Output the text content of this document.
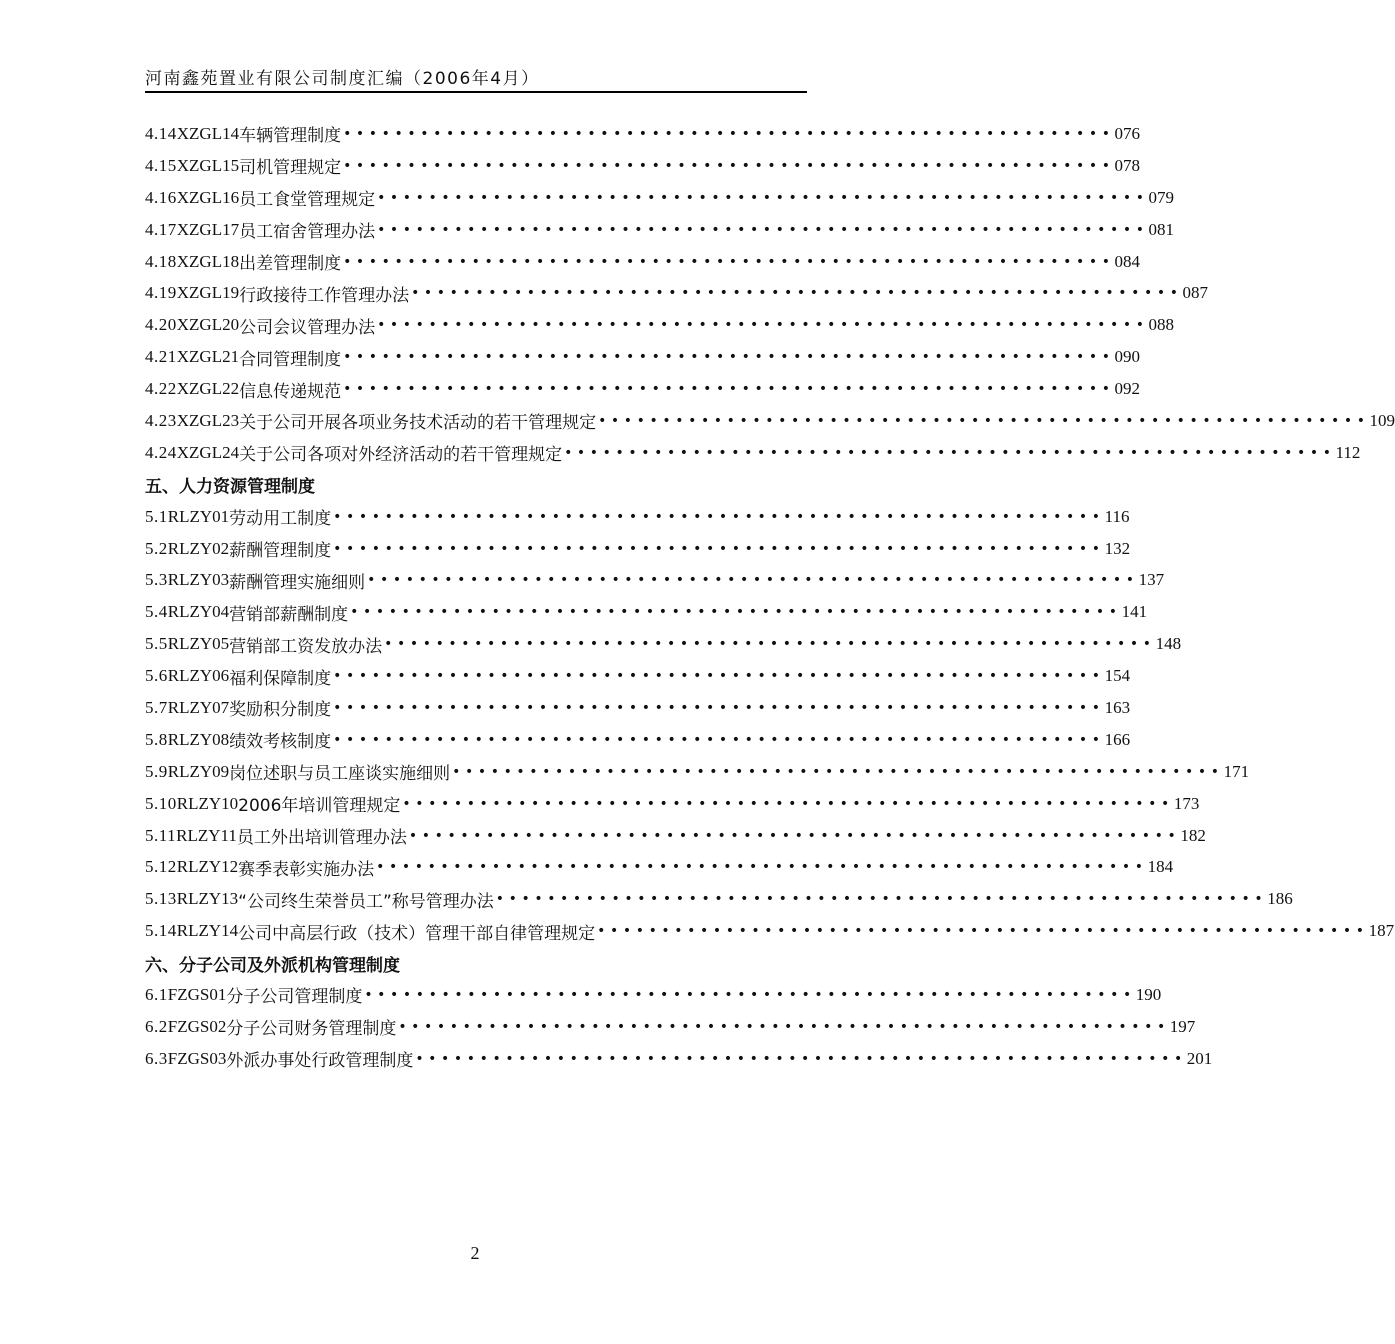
河南鑫苑置业有限公司制度汇编（2006年4月）
4.14 XZGL14 车辆管理制度 •••••••••••••••••••••••••••••••••••••••••••••••••••••••••••• 076
4.15 XZGL15 司机管理规定 •••••••••••••••••••••••••••••••••••••••••••••••••••••••••••• 078
4.16 XZGL16 员工食堂管理规定 •••••••••••••••••••••••••••••••••••••••••••••••••••••••••••• 079
4.17 XZGL17 员工宿舍管理办法 •••••••••••••••••••••••••••••••••••••••••••••••••••••••••••• 081
4.18 XZGL18 出差管理制度 •••••••••••••••••••••••••••••••••••••••••••••••••••••••••••• 084
4.19 XZGL19 行政接待工作管理办法 •••••••••••••••••••••••••••••••••••••••••••••••••••••••••••• 087
4.20 XZGL20 公司会议管理办法 •••••••••••••••••••••••••••••••••••••••••••••••••••••••••••• 088
4.21 XZGL21 合同管理制度 •••••••••••••••••••••••••••••••••••••••••••••••••••••••••••• 090
4.22 XZGL22 信息传递规范 •••••••••••••••••••••••••••••••••••••••••••••••••••••••••••• 092
4.23 XZGL23 关于公司开展各项业务技术活动的若干管理规定 •••••••••••••••••••••••••••••••••••••••••••••••••••••••••••• 109
4.24 XZGL24 关于公司各项对外经济活动的若干管理规定 •••••••••••••••••••••••••••••••••••••••••••••••••••••••••••• 112
五、人力资源管理制度
5.1 RLZY01 劳动用工制度 •••••••••••••••••••••••••••••••••••••••••••••••••••••••••••• 116
5.2 RLZY02 薪酬管理制度 •••••••••••••••••••••••••••••••••••••••••••••••••••••••••••• 132
5.3 RLZY03 薪酬管理实施细则 •••••••••••••••••••••••••••••••••••••••••••••••••••••••••••• 137
5.4 RLZY04 营销部薪酬制度 •••••••••••••••••••••••••••••••••••••••••••••••••••••••••••• 141
5.5 RLZY05 营销部工资发放办法 •••••••••••••••••••••••••••••••••••••••••••••••••••••••••••• 148
5.6 RLZY06 福利保障制度 •••••••••••••••••••••••••••••••••••••••••••••••••••••••••••• 154
5.7 RLZY07 奖励积分制度 •••••••••••••••••••••••••••••••••••••••••••••••••••••••••••• 163
5.8 RLZY08 绩效考核制度 •••••••••••••••••••••••••••••••••••••••••••••••••••••••••••• 166
5.9 RLZY09 岗位述职与员工座谈实施细则 •••••••••••••••••••••••••••••••••••••••••••••••••••••••••••• 171
5.10 RLZY10 2006年培训管理规定 •••••••••••••••••••••••••••••••••••••••••••••••••••••••••••• 173
5.11 RLZY11 员工外出培训管理办法 •••••••••••••••••••••••••••••••••••••••••••••••••••••••••••• 182
5.12 RLZY12 赛季表彰实施办法 •••••••••••••••••••••••••••••••••••••••••••••••••••••••••••• 184
5.13 RLZY13 “公司终生荣誉员工”称号管理办法 •••••••••••••••••••••••••••••••••••••••••••••••••••••••••••• 186
5.14 RLZY14 公司中高层行政（技术）管理干部自律管理规定 •••••••••••••••••••••••••••••••••••••••••••••••••••••••••••• 187
六、分子公司及外派机构管理制度
6.1 FZGS01 分子公司管理制度 •••••••••••••••••••••••••••••••••••••••••••••••••••••••••••• 190
6.2 FZGS02 分子公司财务管理制度 •••••••••••••••••••••••••••••••••••••••••••••••••••••••••••• 197
6.3 FZGS03 外派办事处行政管理制度 •••••••••••••••••••••••••••••••••••••••••••••••••••••••••••• 201
2
